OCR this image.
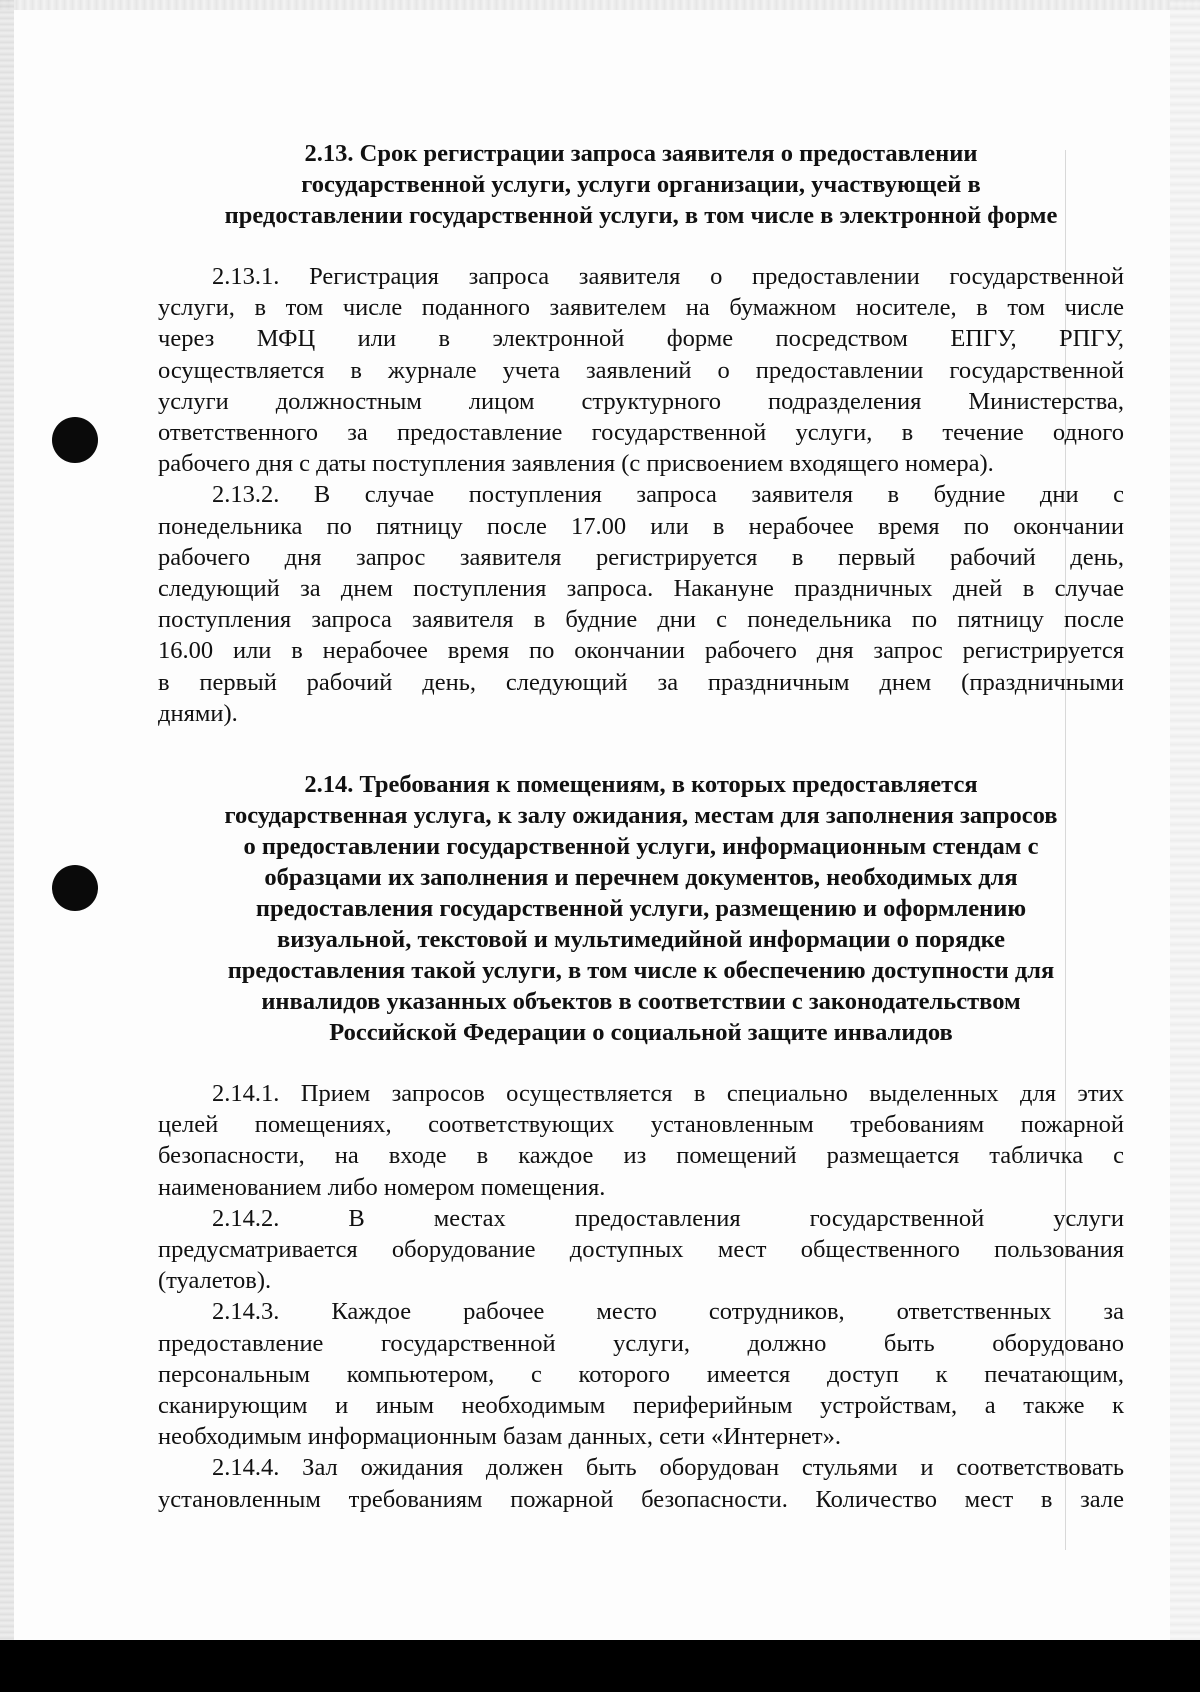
2.13. Срок регистрации запроса заявителя о предоставлении
государственной услуги, услуги организации, участвующей в
предоставлении государственной услуги, в том числе в электронной форме
2.13.1. Регистрация запроса заявителя о предоставлении государственной
услуги, в том числе поданного заявителем на бумажном носителе, в том числе
через МФЦ или в электронной форме посредством ЕПГУ, РПГУ,
осуществляется в журнале учета заявлений о предоставлении государственной
услуги должностным лицом структурного подразделения Министерства,
ответственного за предоставление государственной услуги, в течение одного
рабочего дня с даты поступления заявления (с присвоением входящего номера).
2.13.2. В случае поступления запроса заявителя в будние дни с
понедельника по пятницу после 17.00 или в нерабочее время по окончании
рабочего дня запрос заявителя регистрируется в первый рабочий день,
следующий за днем поступления запроса. Накануне праздничных дней в случае
поступления запроса заявителя в будние дни с понедельника по пятницу после
16.00 или в нерабочее время по окончании рабочего дня запрос регистрируется
в первый рабочий день, следующий за праздничным днем (праздничными
днями).
2.14. Требования к помещениям, в которых предоставляется
государственная услуга, к залу ожидания, местам для заполнения запросов
о предоставлении государственной услуги, информационным стендам с
образцами их заполнения и перечнем документов, необходимых для
предоставления государственной услуги, размещению и оформлению
визуальной, текстовой и мультимедийной информации о порядке
предоставления такой услуги, в том числе к обеспечению доступности для
инвалидов указанных объектов в соответствии с законодательством
Российской Федерации о социальной защите инвалидов
2.14.1. Прием запросов осуществляется в специально выделенных для этих
целей помещениях, соответствующих установленным требованиям пожарной
безопасности, на входе в каждое из помещений размещается табличка с
наименованием либо номером помещения.
2.14.2. В местах предоставления государственной услуги
предусматривается оборудование доступных мест общественного пользования
(туалетов).
2.14.3. Каждое рабочее место сотрудников, ответственных за
предоставление государственной услуги, должно быть оборудовано
персональным компьютером, с которого имеется доступ к печатающим,
сканирующим и иным необходимым периферийным устройствам, а также к
необходимым информационным базам данных, сети «Интернет».
2.14.4. Зал ожидания должен быть оборудован стульями и соответствовать
установленным требованиям пожарной безопасности. Количество мест в зале
